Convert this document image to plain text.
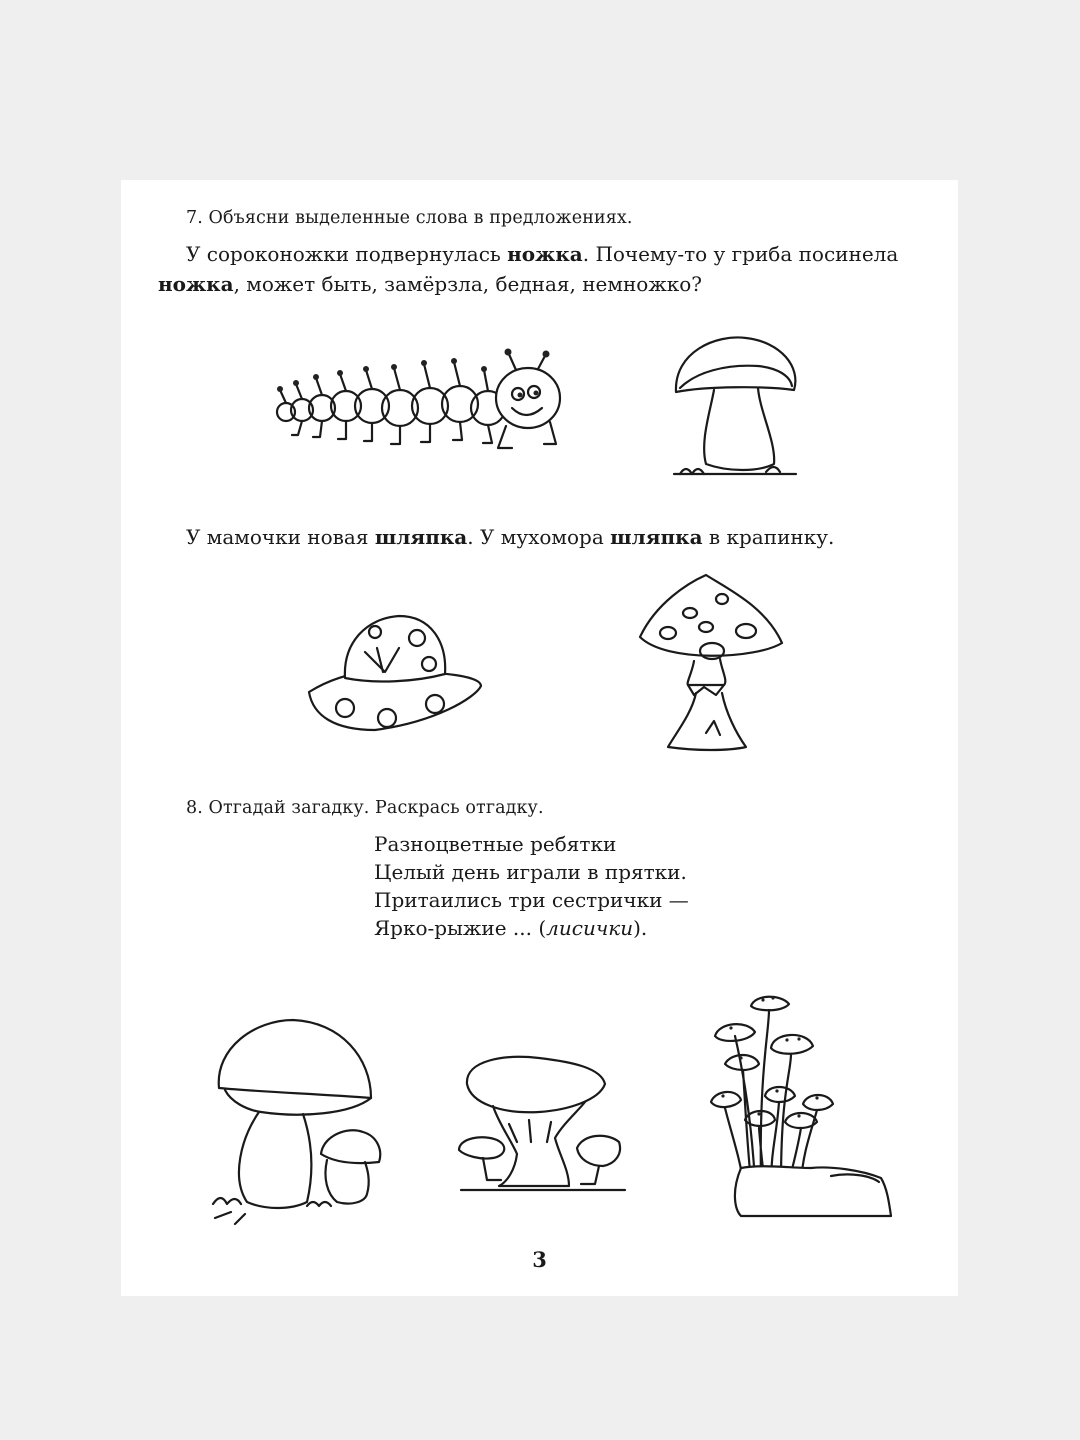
7. Объясни выделенные слова в предложениях.

У сороконожки подвернулась ножка. Почему-то у гриба посинела

ножка, может быть, замёрзла, бедная, немножко?

У мамочки новая шляпка. У мухомора шляпка в крапинку.

8. Отгадай загадку. Раскрась отгадку.

Разноцветные ребятки
Целый день играли в прятки.
Притаились три сестрички —
Ярко-рыжие ... (лисички).
3
